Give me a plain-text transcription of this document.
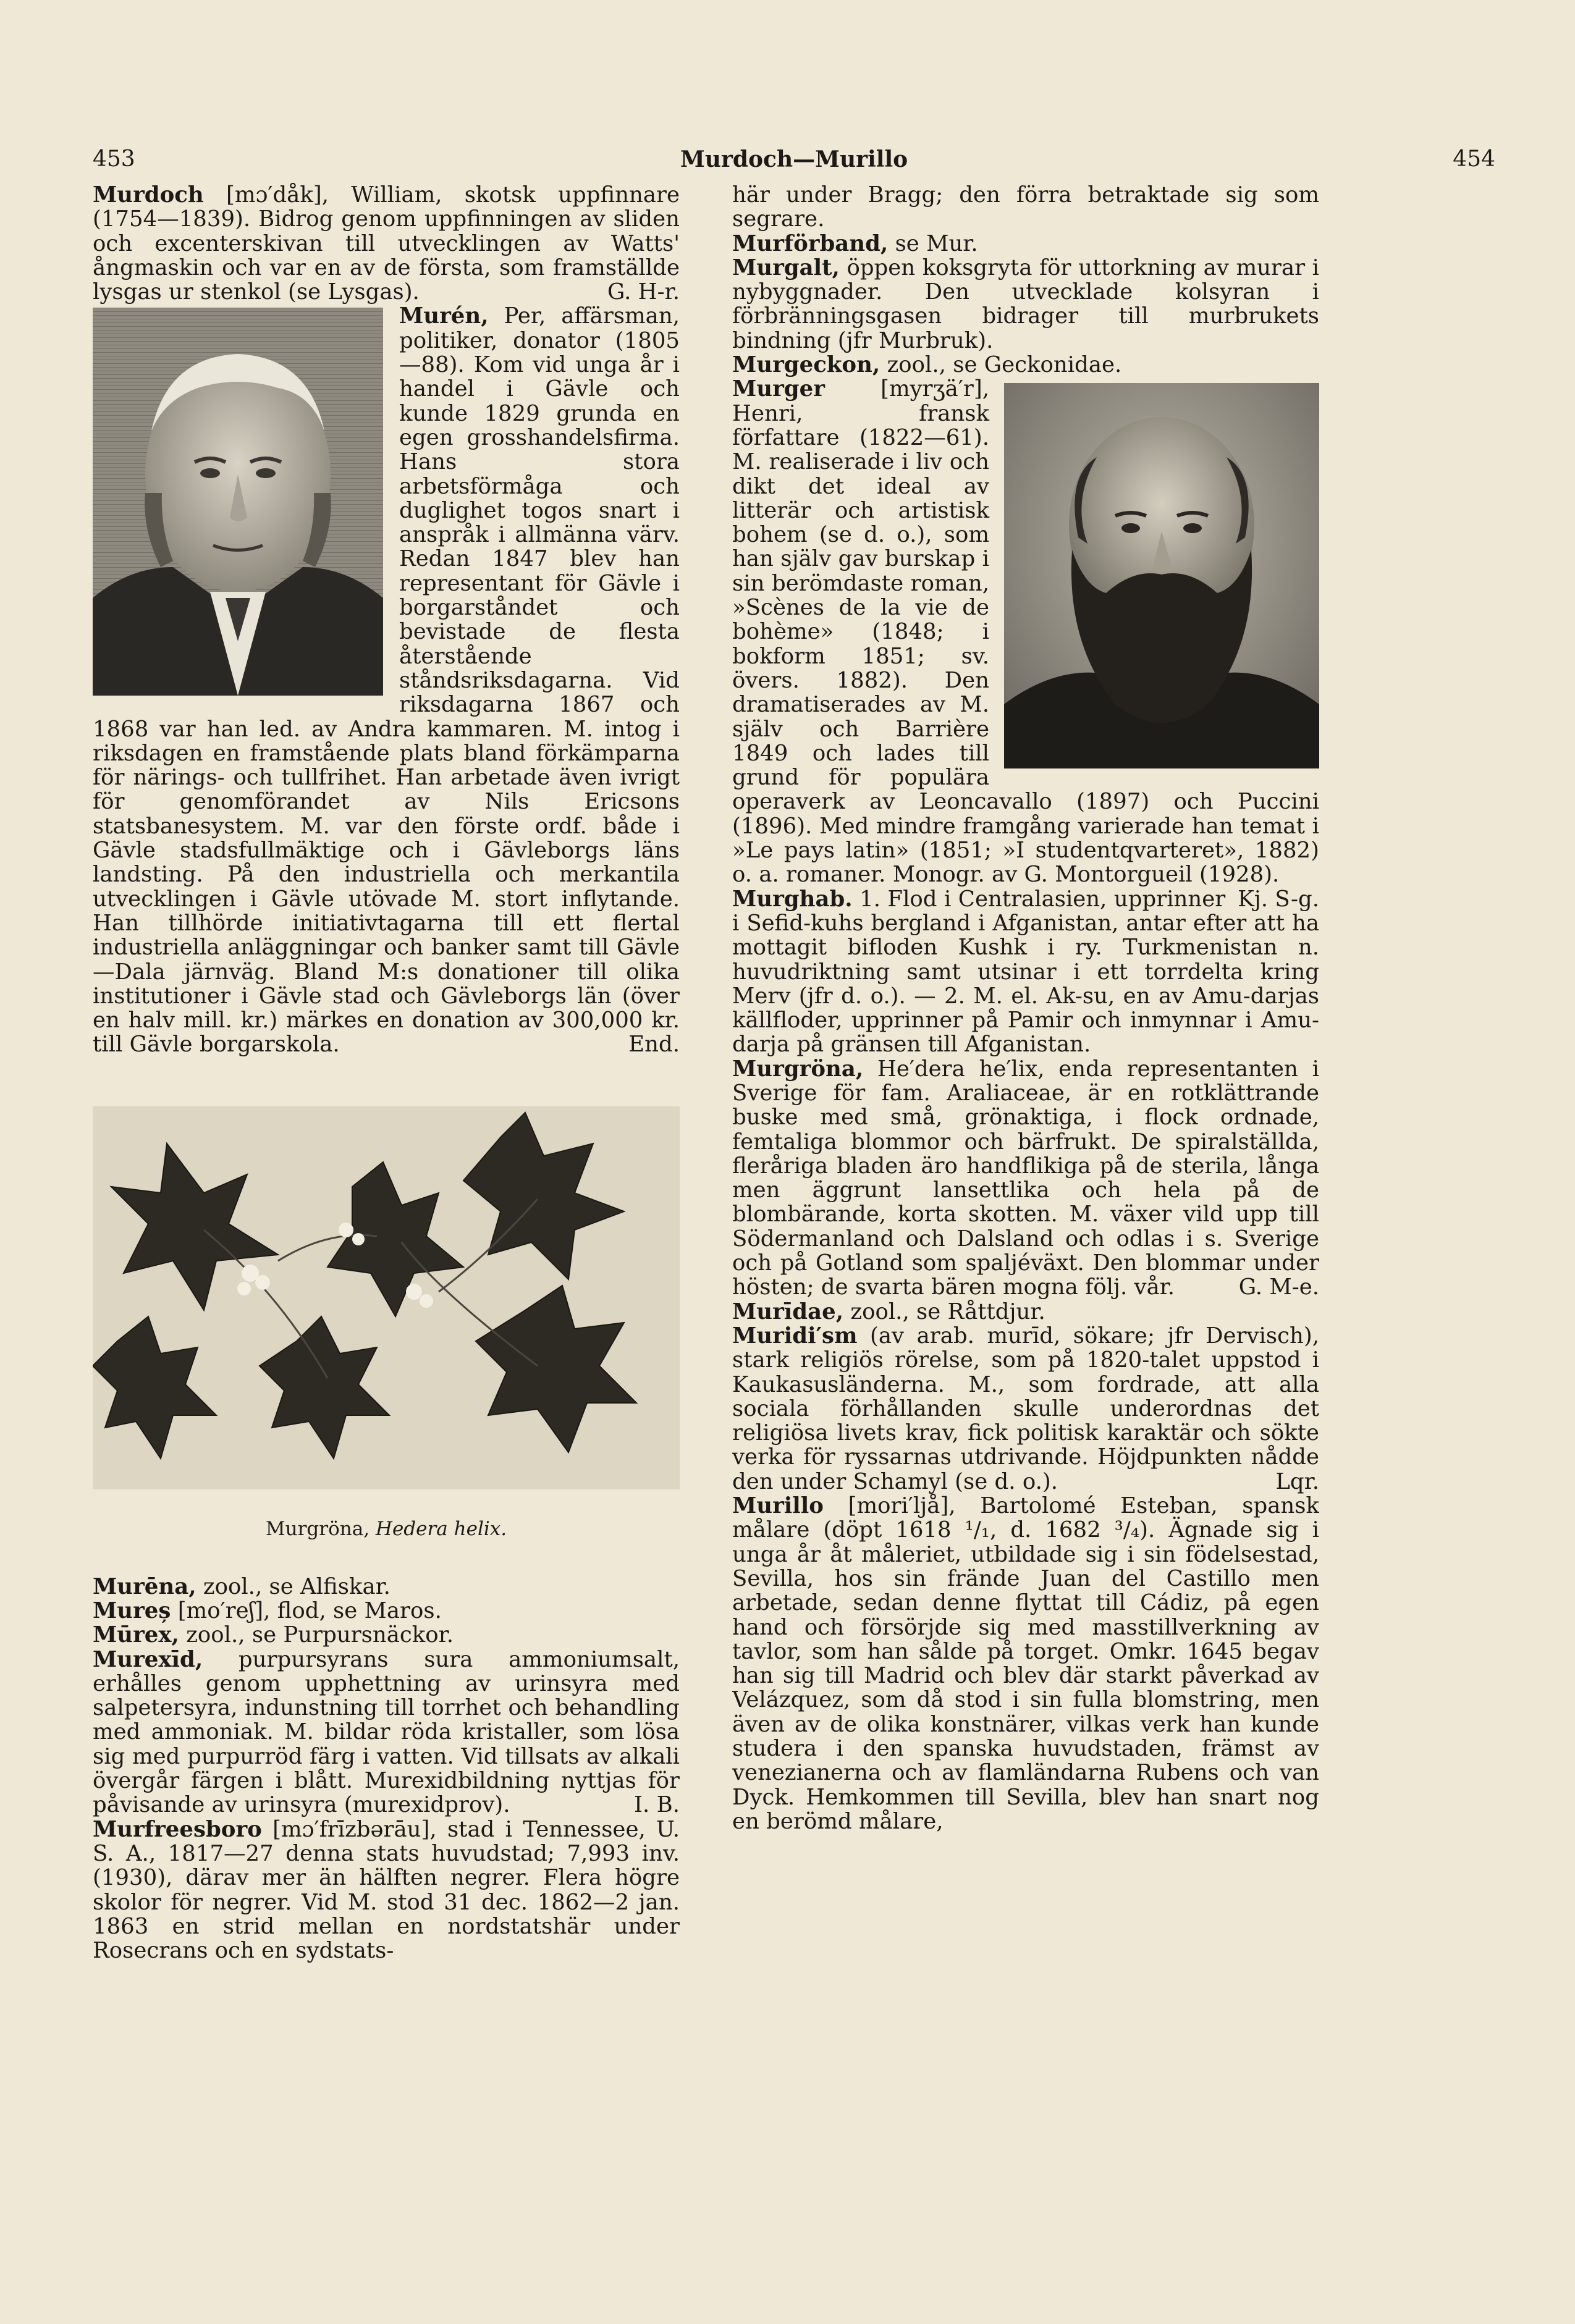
453	Murdoch—Murillo	454
Murdoch [mɔ′dåk], William, skotsk uppfinnare (1754—1839). Bidrog genom uppfinningen av sliden och excenterskivan till utvecklingen av Watts' ångmaskin och var en av de första, som framställde lysgas ur stenkol (se Lysgas).	G. H-r.
Murén, Per, affärsman, politiker, donator (1805—88). Kom vid unga år i handel i Gävle och kunde 1829 grunda en egen grosshandelsfirma. Hans stora arbetsförmåga och duglighet togos snart i anspråk i allmänna värv. Redan 1847 blev han representant för Gävle i borgarståndet och bevistade de flesta återstående ståndsriksdagarna. Vid riksdagarna 1867 och 1868 var han led. av Andra kammaren. M. intog i riksdagen en framstående plats bland förkämparna för närings- och tullfrihet. Han arbetade även ivrigt för genomförandet av Nils Ericsons statsbanesystem. M. var den förste ordf. både i Gävle stadsfullmäktige och i Gävleborgs läns landsting. På den industriella och merkantila utvecklingen i Gävle utövade M. stort inflytande. Han tillhörde initiativtagarna till ett flertal industriella anläggningar och banker samt till Gävle—Dala järnväg. Bland M:s donationer till olika institutioner i Gävle stad och Gävleborgs län (över en halv mill. kr.) märkes en donation av 300,000 kr. till Gävle borgarskola.	End.
Murgröna, Hedera helix.
Murēna, zool., se Alfiskar.
Mureș [mo′reʃ], flod, se Maros.
Mūrex, zool., se Purpursnäckor.
Murexīd, purpursyrans sura ammoniumsalt, erhålles genom upphettning av urinsyra med salpetersyra, indunstning till torrhet och behandling med ammoniak. M. bildar röda kristaller, som lösa sig med purpurröd färg i vatten. Vid tillsats av alkali övergår färgen i blått. Murexidbildning nyttjas för påvisande av urinsyra (murexidprov).	I. B.
Murfreesboro [mɔ′frīzbərāu], stad i Tennessee, U. S. A., 1817—27 denna stats huvudstad; 7,993 inv. (1930), därav mer än hälften negrer. Flera högre skolor för negrer. Vid M. stod 31 dec. 1862—2 jan. 1863 en strid mellan en nordstatshär under Rosecrans och en sydstats-
här under Bragg; den förra betraktade sig som segrare.
Murförband, se Mur.
Murgalt, öppen koksgryta för uttorkning av murar i nybyggnader. Den utvecklade kolsyran i förbränningsgasen bidrager till murbrukets bindning (jfr Murbruk).
Murgeckon, zool., se Geckonidae.
Murger	[myrʒä′r], Henri, fransk författare (1822—61). M. realiserade i liv och dikt det ideal av litterär och artistisk bohem (se d. o.), som han själv gav burskap i sin berömdaste roman, »Scènes de la vie de bohème» (1848; i bokform 1851; sv. övers. 1882). Den dramatiserades av M. själv och Barrière 1849 och lades till grund för populära operaverk av Leoncavallo (1897) och Puccini (1896). Med mindre framgång varierade han temat i »Le pays latin» (1851; »I studentqvarteret», 1882) o. a. romaner. Monogr. av G. Montorgueil (1928).
Kj. S-g.
Murghab. 1. Flod i Centralasien, upprinner i Sefid-kuhs bergland i Afganistan, antar efter att ha mottagit bifloden Kushk i ry. Turkmenistan n. huvudriktning samt utsinar i ett torrdelta kring Merv (jfr d. o.). — 2. M. el. Ak-su, en av Amu-darjas källfloder, upprinner på Pamir och inmynnar i Amu-darja på gränsen till Afganistan.
Murgröna, He′dera he′lix, enda representanten i Sverige för fam. Araliaceae, är en rotklättrande buske med små, grönaktiga, i flock ordnade, femtaliga blommor och bärfrukt. De spiralställda, fleråriga bladen äro handflikiga på de sterila, långa men äggrunt lansettlika och hela på de blombärande, korta skotten. M. växer vild upp till Södermanland och Dalsland och odlas i s. Sverige och på Gotland som spaljéväxt. Den blommar under hösten; de svarta bären mogna följ. vår.	G. M-e.
Murīdae, zool., se Råttdjur.
Muridi′sm (av arab. murīd, sökare; jfr Dervisch), stark religiös rörelse, som på 1820-talet uppstod i Kaukasusländerna. M., som fordrade, att alla sociala förhållanden skulle underordnas det religiösa livets krav, fick politisk karaktär och sökte verka för ryssarnas utdrivande. Höjdpunkten nådde den under Schamyl (se d. o.).	Lqr.
Murillo [mori′ljå], Bartolomé Esteban, spansk målare (döpt 1618 ¹/₁, d. 1682 ³/₄). Ägnade sig i unga år åt måleriet, utbildade sig i sin födelsestad, Sevilla, hos sin frände Juan del Castillo men arbetade, sedan denne flyttat till Cádiz, på egen hand och försörjde sig med masstillverkning av tavlor, som han sålde på torget. Omkr. 1645 begav han sig till Madrid och blev där starkt påverkad av Velázquez, som då stod i sin fulla blomstring, men även av de olika konstnärer, vilkas verk han kunde studera i den spanska huvudstaden, främst av venezianerna och av flamländarna Rubens och van Dyck. Hemkommen till Sevilla, blev han snart nog en berömd målare,
